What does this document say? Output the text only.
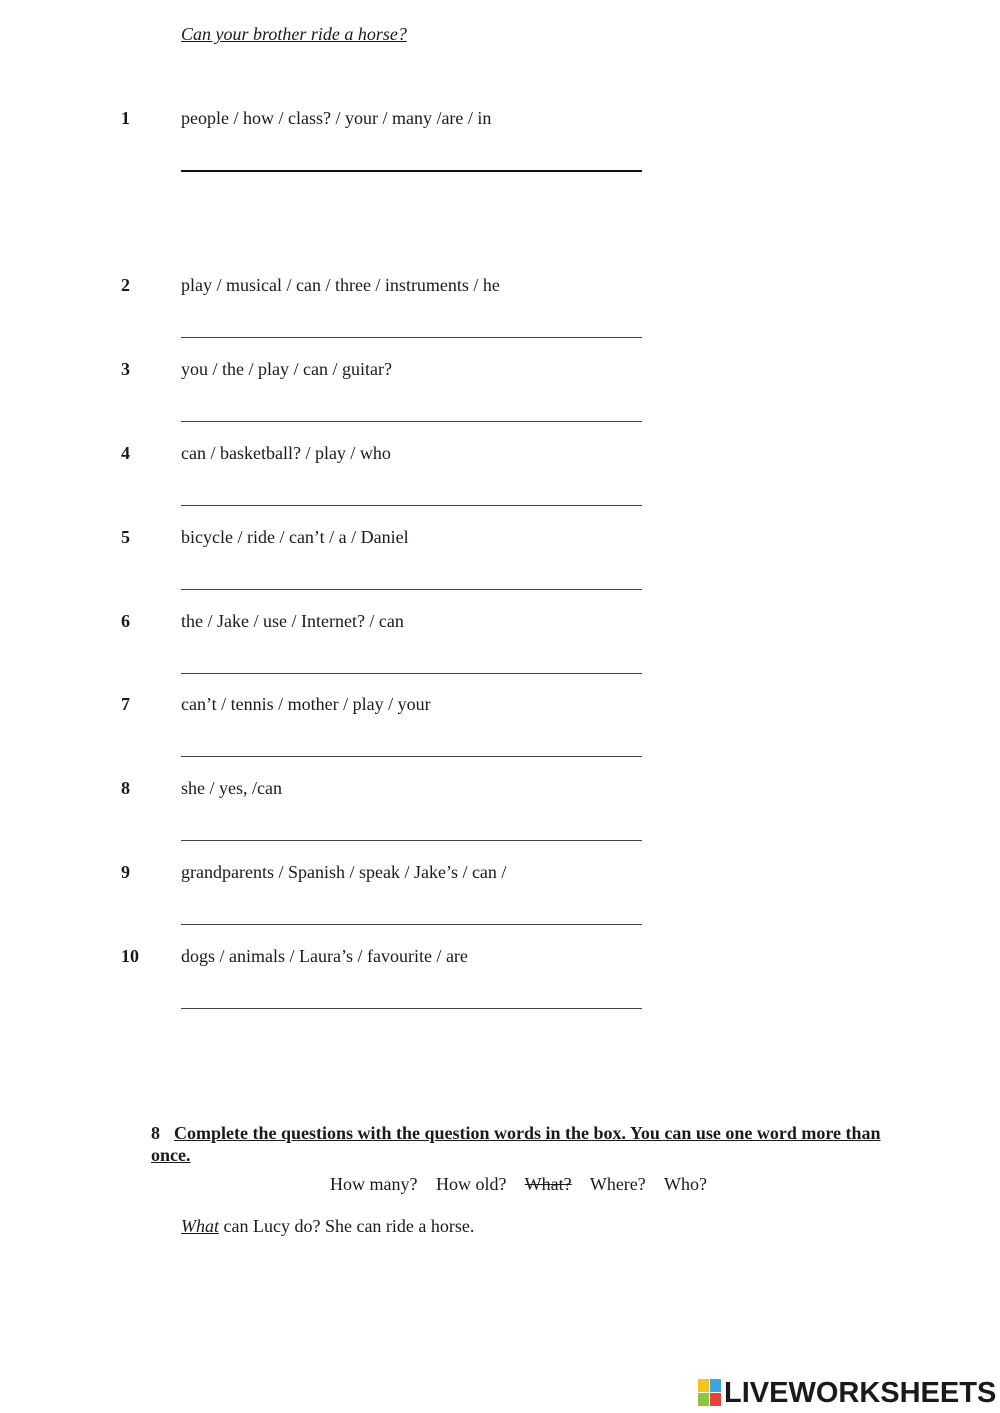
Can your brother ride a horse?
1	people / how / class? / your / many /are / in
2	play / musical / can / three / instruments / he
3	you / the / play / can / guitar?
4	can / basketball? / play / who
5	bicycle / ride / can’t / a / Daniel
6	the / Jake / use / Internet? / can
7	can’t / tennis / mother / play / your
8	she / yes, /can
9	grandparents / Spanish / speak / Jake’s / can /
10 dogs / animals / Laura’s / favourite / are
8 Complete the questions with the question words in the box. You can use one word more than once.
How many? How old? What? Where? Who?
What can Lucy do? She can ride a horse.
LIVEWORKSHEETS
